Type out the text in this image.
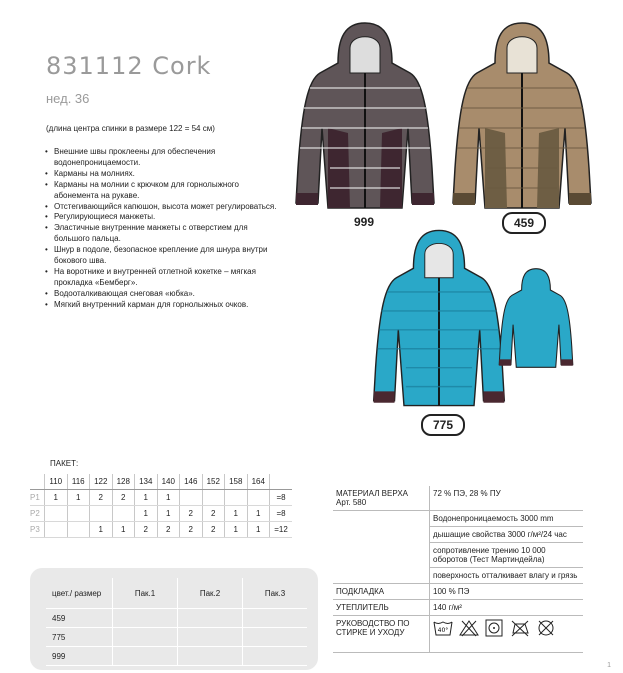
831112 Cork
нед. 36
(длина центра спинки в размере 122 = 54 см)
• Внешние швы проклеены для обеспечения водонепроницаемости.
• Карманы на молниях.
• Карманы на молнии с крючком для горнолыжного абонемента на рукаве.
• Отстегивающийся капюшон, высота может регулироваться.
• Регулирующиеся манжеты.
• Эластичные внутренние манжеты с отверстием для большого пальца.
• Шнур в подоле, безопасное крепление для шнура внутри бокового шва.
• На воротнике и внутренней отлетной кокетке – мягкая прокладка «Бемберг».
• Водооталкивающая снеговая «юбка».
• Мягкий внутренний карман для горнолыжных очков.
999	459
775
ПАКЕТ:
	110	116	122	128	134	140	146	152	158	164	
P1	1	1	2	2	1	1					=8
P2					1	1	2	2	1	1	=8
P3			1	1	2	2	2	2	1	1	=12
цвет./ размер	Пак.1	Пак.2	Пак.3
459			
775			
999			
МАТЕРИАЛ ВЕРХА
Арт. 580	72 % ПЭ, 28 % ПУ
	Водонепроницаемость 3000 mm
	дышащие свойства 3000 г/м²/24 час
	сопротивление трению 10 000 оборотов (Тест Мартиндейла)
	поверхность отталкивает влагу и грязь
ПОДКЛАДКА	100 % ПЭ
УТЕПЛИТЕЛЬ	140 г/м²
РУКОВОДСТВО ПО СТИРКЕ И УХОДУ	40°

1
